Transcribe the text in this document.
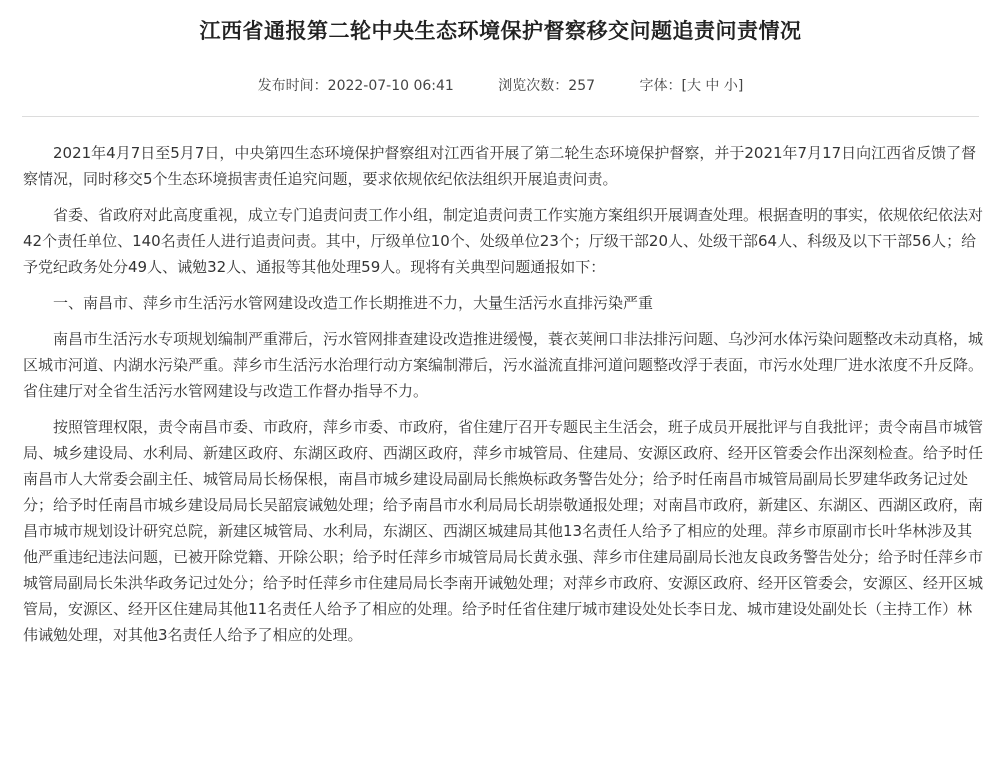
江西省通报第二轮中央生态环境保护督察移交问题追责问责情况
发布时间：2022-07-10 06:41	浏览次数：257	字体：[大 中 小]

2021年4月7日至5月7日，中央第四生态环境保护督察组对江西省开展了第二轮生态环境保护督察，并于2021年7月17日向江西省反馈了督察情况，同时移交5个生态环境损害责任追究问题，要求依规依纪依法组织开展追责问责。

省委、省政府对此高度重视，成立专门追责问责工作小组，制定追责问责工作实施方案组织开展调查处理。根据查明的事实，依规依纪依法对42个责任单位、140名责任人进行追责问责。其中，厅级单位10个、处级单位23个；厅级干部20人、处级干部64人、科级及以下干部56人；给予党纪政务处分49人、诫勉32人、通报等其他处理59人。现将有关典型问题通报如下：

一、南昌市、萍乡市生活污水管网建设改造工作长期推进不力，大量生活污水直排污染严重

南昌市生活污水专项规划编制严重滞后，污水管网排查建设改造推进缓慢，蓑衣荚闸口非法排污问题、乌沙河水体污染问题整改未动真格，城区城市河道、内湖水污染严重。萍乡市生活污水治理行动方案编制滞后，污水溢流直排河道问题整改浮于表面，市污水处理厂进水浓度不升反降。省住建厅对全省生活污水管网建设与改造工作督办指导不力。

按照管理权限，责令南昌市委、市政府，萍乡市委、市政府，省住建厅召开专题民主生活会，班子成员开展批评与自我批评；责令南昌市城管局、城乡建设局、水利局、新建区政府、东湖区政府、西湖区政府，萍乡市城管局、住建局、安源区政府、经开区管委会作出深刻检查。给予时任南昌市人大常委会副主任、城管局局长杨保根，南昌市城乡建设局副局长熊焕标政务警告处分；给予时任南昌市城管局副局长罗建华政务记过处分；给予时任南昌市城乡建设局局长吴韶宸诫勉处理；给予南昌市水利局局长胡崇敬通报处理；对南昌市政府，新建区、东湖区、西湖区政府，南昌市城市规划设计研究总院，新建区城管局、水利局，东湖区、西湖区城建局其他13名责任人给予了相应的处理。萍乡市原副市长叶华林涉及其他严重违纪违法问题，已被开除党籍、开除公职；给予时任萍乡市城管局局长黄永强、萍乡市住建局副局长池友良政务警告处分；给予时任萍乡市城管局副局长朱洪华政务记过处分；给予时任萍乡市住建局局长李南开诫勉处理；对萍乡市政府、安源区政府、经开区管委会，安源区、经开区城管局，安源区、经开区住建局其他11名责任人给予了相应的处理。给予时任省住建厅城市建设处处长李日龙、城市建设处副处长（主持工作）林伟诫勉处理，对其他3名责任人给予了相应的处理。
